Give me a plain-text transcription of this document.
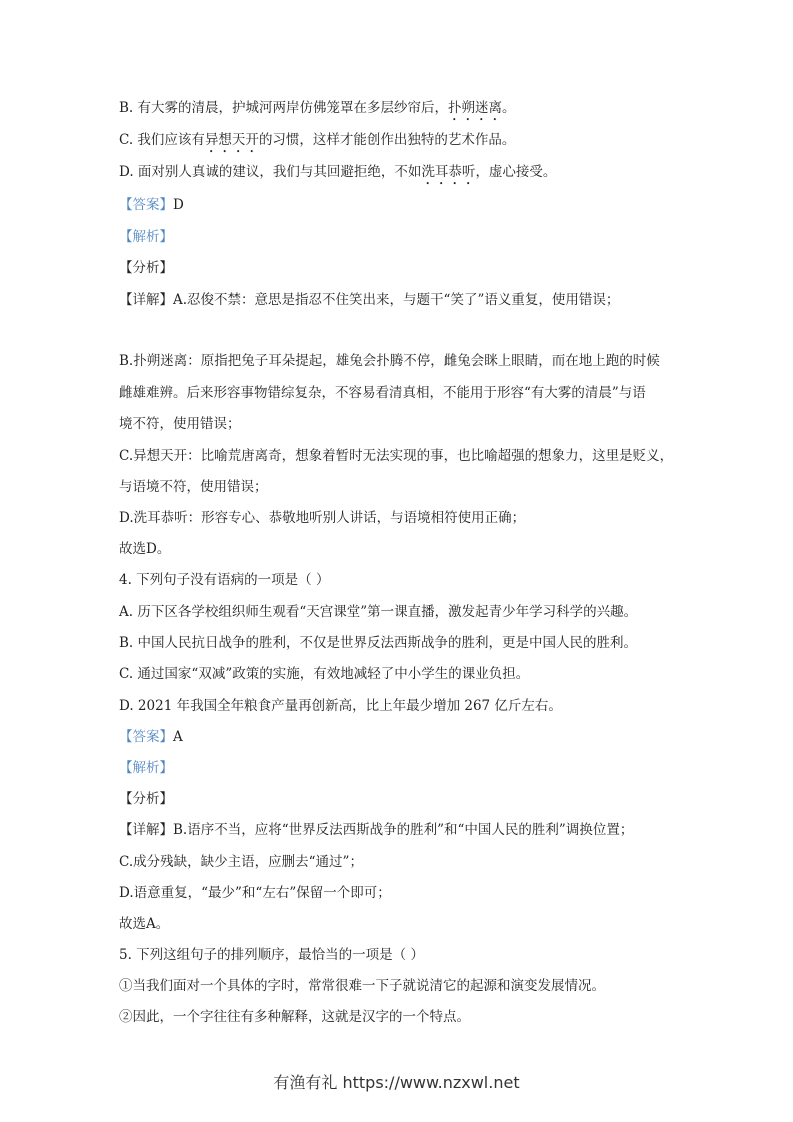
B. 有大雾的清晨，护城河两岸仿佛笼罩在多层纱帘后，扑朔迷离。
C. 我们应该有异想天开的习惯，这样才能创作出独特的艺术作品。
D. 面对别人真诚的建议，我们与其回避拒绝，不如洗耳恭听，虚心接受。
【答案】D
【解析】
【分析】
【详解】A.忍俊不禁：意思是指忍不住笑出来，与题干“笑了”语义重复，使用错误；
B.扑朔迷离：原指把兔子耳朵提起，雄兔会扑腾不停，雌兔会眯上眼睛，而在地上跑的时候
雌雄难辨。后来形容事物错综复杂，不容易看清真相，不能用于形容“有大雾的清晨”与语
境不符，使用错误；
C.异想天开：比喻荒唐离奇，想象着暂时无法实现的事，也比喻超强的想象力，这里是贬义，
与语境不符，使用错误；
D.洗耳恭听：形容专心、恭敬地听别人讲话，与语境相符使用正确；
故选D。
4. 下列句子没有语病的一项是（ ）
A. 历下区各学校组织师生观看“天宫课堂”第一课直播，激发起青少年学习科学的兴趣。
B. 中国人民抗日战争的胜利，不仅是世界反法西斯战争的胜利，更是中国人民的胜利。
C. 通过国家“双减”政策的实施，有效地减轻了中小学生的课业负担。
D. 2021 年我国全年粮食产量再创新高，比上年最少增加 267 亿斤左右。
【答案】A
【解析】
【分析】
【详解】B.语序不当，应将“世界反法西斯战争的胜利”和“中国人民的胜利”调换位置；
C.成分残缺，缺少主语，应删去“通过”；
D.语意重复，“最少”和“左右”保留一个即可；
故选A。
5. 下列这组句子的排列顺序，最恰当的一项是（ ）
①当我们面对一个具体的字时，常常很难一下子就说清它的起源和演变发展情况。
②因此，一个字往往有多种解释，这就是汉字的一个特点。
有渔有礼 https://www.nzxwl.net
